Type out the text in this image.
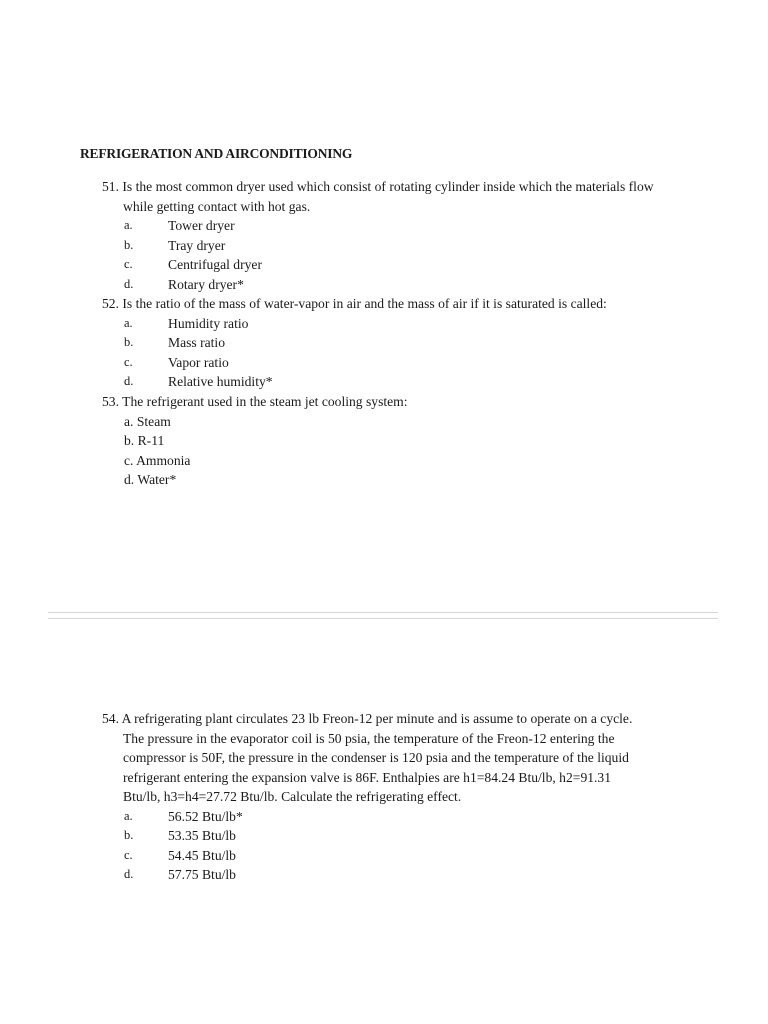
REFRIGERATION AND AIRCONDITIONING
51. Is the most common dryer used which consist of rotating cylinder inside which the materials flow while getting contact with hot gas.
a.	Tower dryer
b.	Tray dryer
c.	Centrifugal dryer
d.	Rotary dryer*
52. Is the ratio of the mass of water-vapor in air and the mass of air if it is saturated is called:
a.	Humidity ratio
b.	Mass ratio
c.	Vapor ratio
d.	Relative humidity*
53. The refrigerant used in the steam jet cooling system:
a. Steam
b. R-11
c. Ammonia
d. Water*
54. A refrigerating plant circulates 23 lb Freon-12 per minute and is assume to operate on a cycle. The pressure in the evaporator coil is 50 psia, the temperature of the Freon-12 entering the compressor is 50F, the pressure in the condenser is 120 psia and the temperature of the liquid refrigerant entering the expansion valve is 86F. Enthalpies are h1=84.24 Btu/lb, h2=91.31 Btu/lb, h3=h4=27.72 Btu/lb. Calculate the refrigerating effect.
a.	56.52 Btu/lb*
b.	53.35 Btu/lb
c.	54.45 Btu/lb
d.	57.75 Btu/lb
